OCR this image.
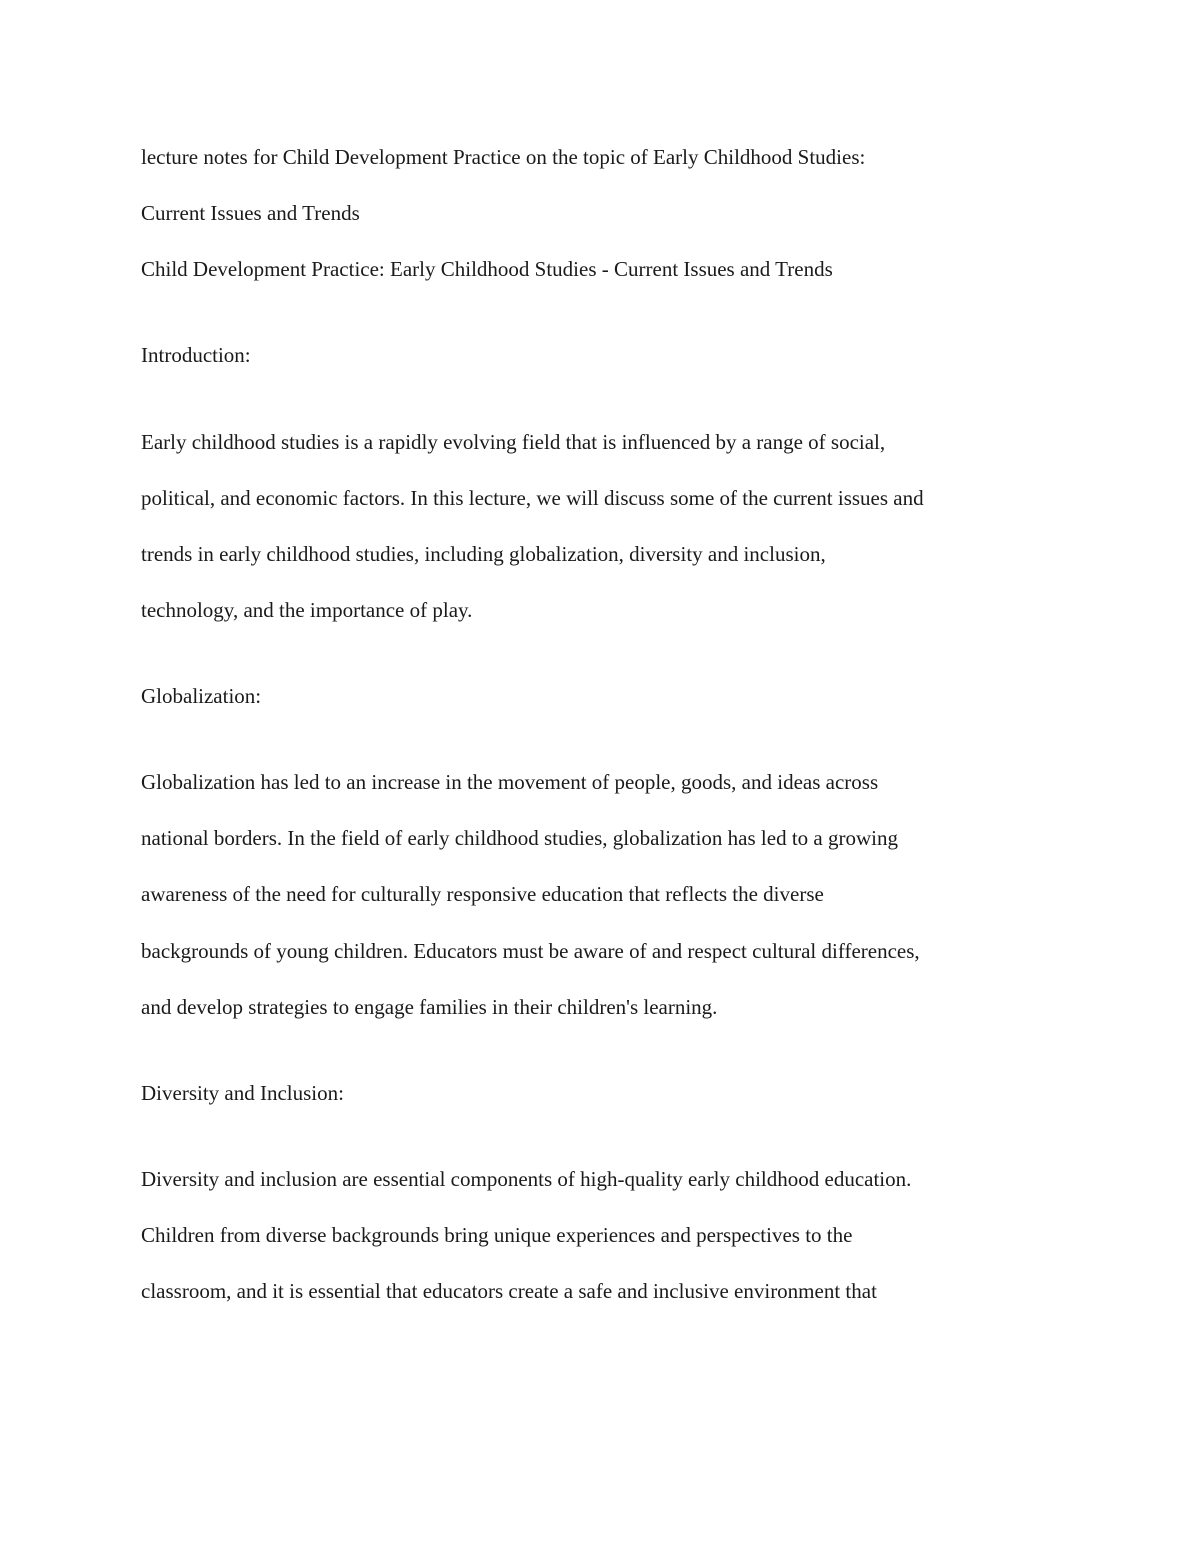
lecture notes for Child Development Practice on the topic of Early Childhood Studies:

Current Issues and Trends

Child Development Practice: Early Childhood Studies - Current Issues and Trends

Introduction:

Early childhood studies is a rapidly evolving field that is influenced by a range of social,

political, and economic factors. In this lecture, we will discuss some of the current issues and

trends in early childhood studies, including globalization, diversity and inclusion,

technology, and the importance of play.

Globalization:

Globalization has led to an increase in the movement of people, goods, and ideas across

national borders. In the field of early childhood studies, globalization has led to a growing

awareness of the need for culturally responsive education that reflects the diverse

backgrounds of young children. Educators must be aware of and respect cultural differences,

and develop strategies to engage families in their children's learning.

Diversity and Inclusion:

Diversity and inclusion are essential components of high-quality early childhood education.

Children from diverse backgrounds bring unique experiences and perspectives to the

classroom, and it is essential that educators create a safe and inclusive environment that
